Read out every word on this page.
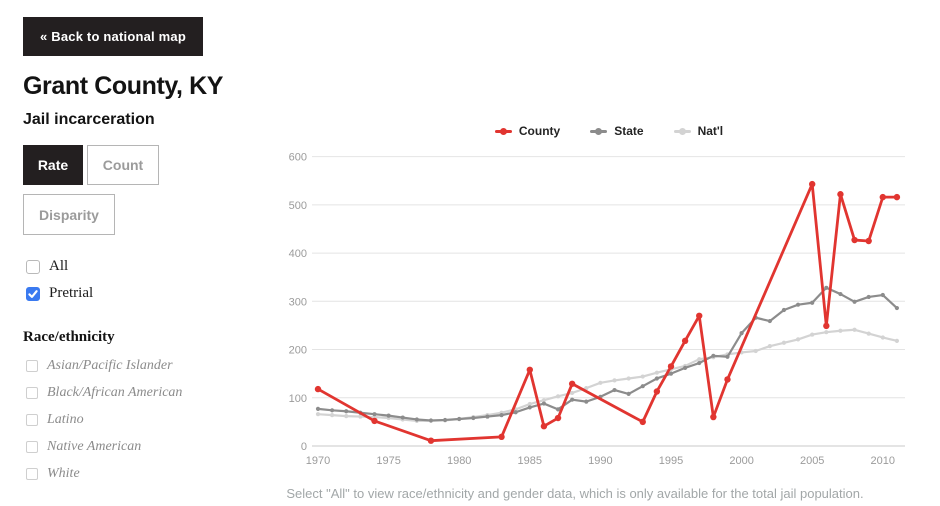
« Back to national map
Grant County, KY
Jail incarceration
Rate	Count
Disparity
All
Pretrial
Race/ethnicity
Asian/Pacific Islander
Black/African American
Latino
Native American
White
County	State	Nat'l
0
100
200
300
400
500
600
1970	1975	1980	1985	1990	1995	2000	2005	2010
Select "All" to view race/ethnicity and gender data, which is only available for the total jail population.
